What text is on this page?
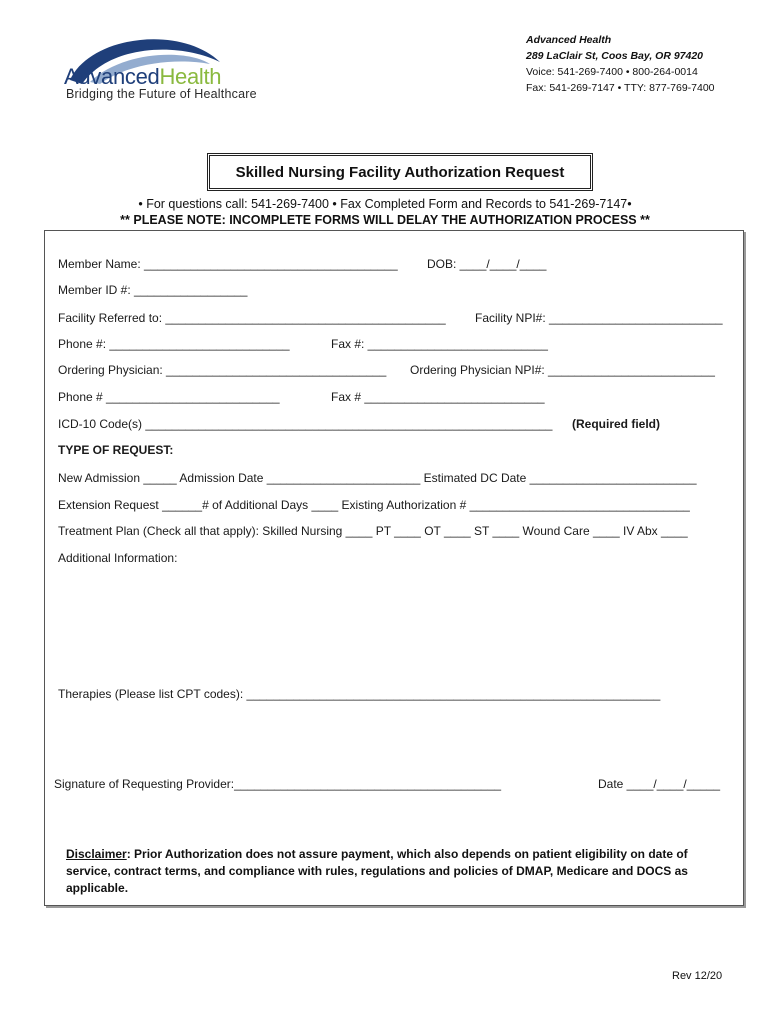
AdvancedHealth
Bridging the Future of Healthcare
Advanced Health
289 LaClair St, Coos Bay, OR 97420
Voice: 541-269-7400 • 800-264-0014
Fax: 541-269-7147 • TTY: 877-769-7400
Skilled Nursing Facility Authorization Request
• For questions call: 541-269-7400 • Fax Completed Form and Records to 541-269-7147•
** PLEASE NOTE: INCOMPLETE FORMS WILL DELAY THE AUTHORIZATION PROCESS **
Member Name: ______________________________________ DOB: ____/____/____
Member ID #: _________________
Facility Referred to: __________________________________________ Facility NPI#: __________________________
Phone #: ___________________________	Fax #: ___________________________
Ordering Physician: _________________________________ Ordering Physician NPI#: _________________________
Phone # __________________________	Fax # ___________________________
ICD-10 Code(s) _____________________________________________________________ (Required field)
TYPE OF REQUEST:
New Admission _____ Admission Date _______________________ Estimated DC Date _________________________
Extension Request ______# of Additional Days ____ Existing Authorization # _________________________________
Treatment Plan (Check all that apply): Skilled Nursing ____ PT ____ OT ____ ST ____ Wound Care ____ IV Abx ____
Additional Information:
Therapies (Please list CPT codes): ______________________________________________________________
Signature of Requesting Provider:________________________________________	Date ____/____/_____
Disclaimer: Prior Authorization does not assure payment, which also depends on patient eligibility on date of service, contract terms, and compliance with rules, regulations and policies of DMAP, Medicare and DOCS as applicable.
Rev 12/20
